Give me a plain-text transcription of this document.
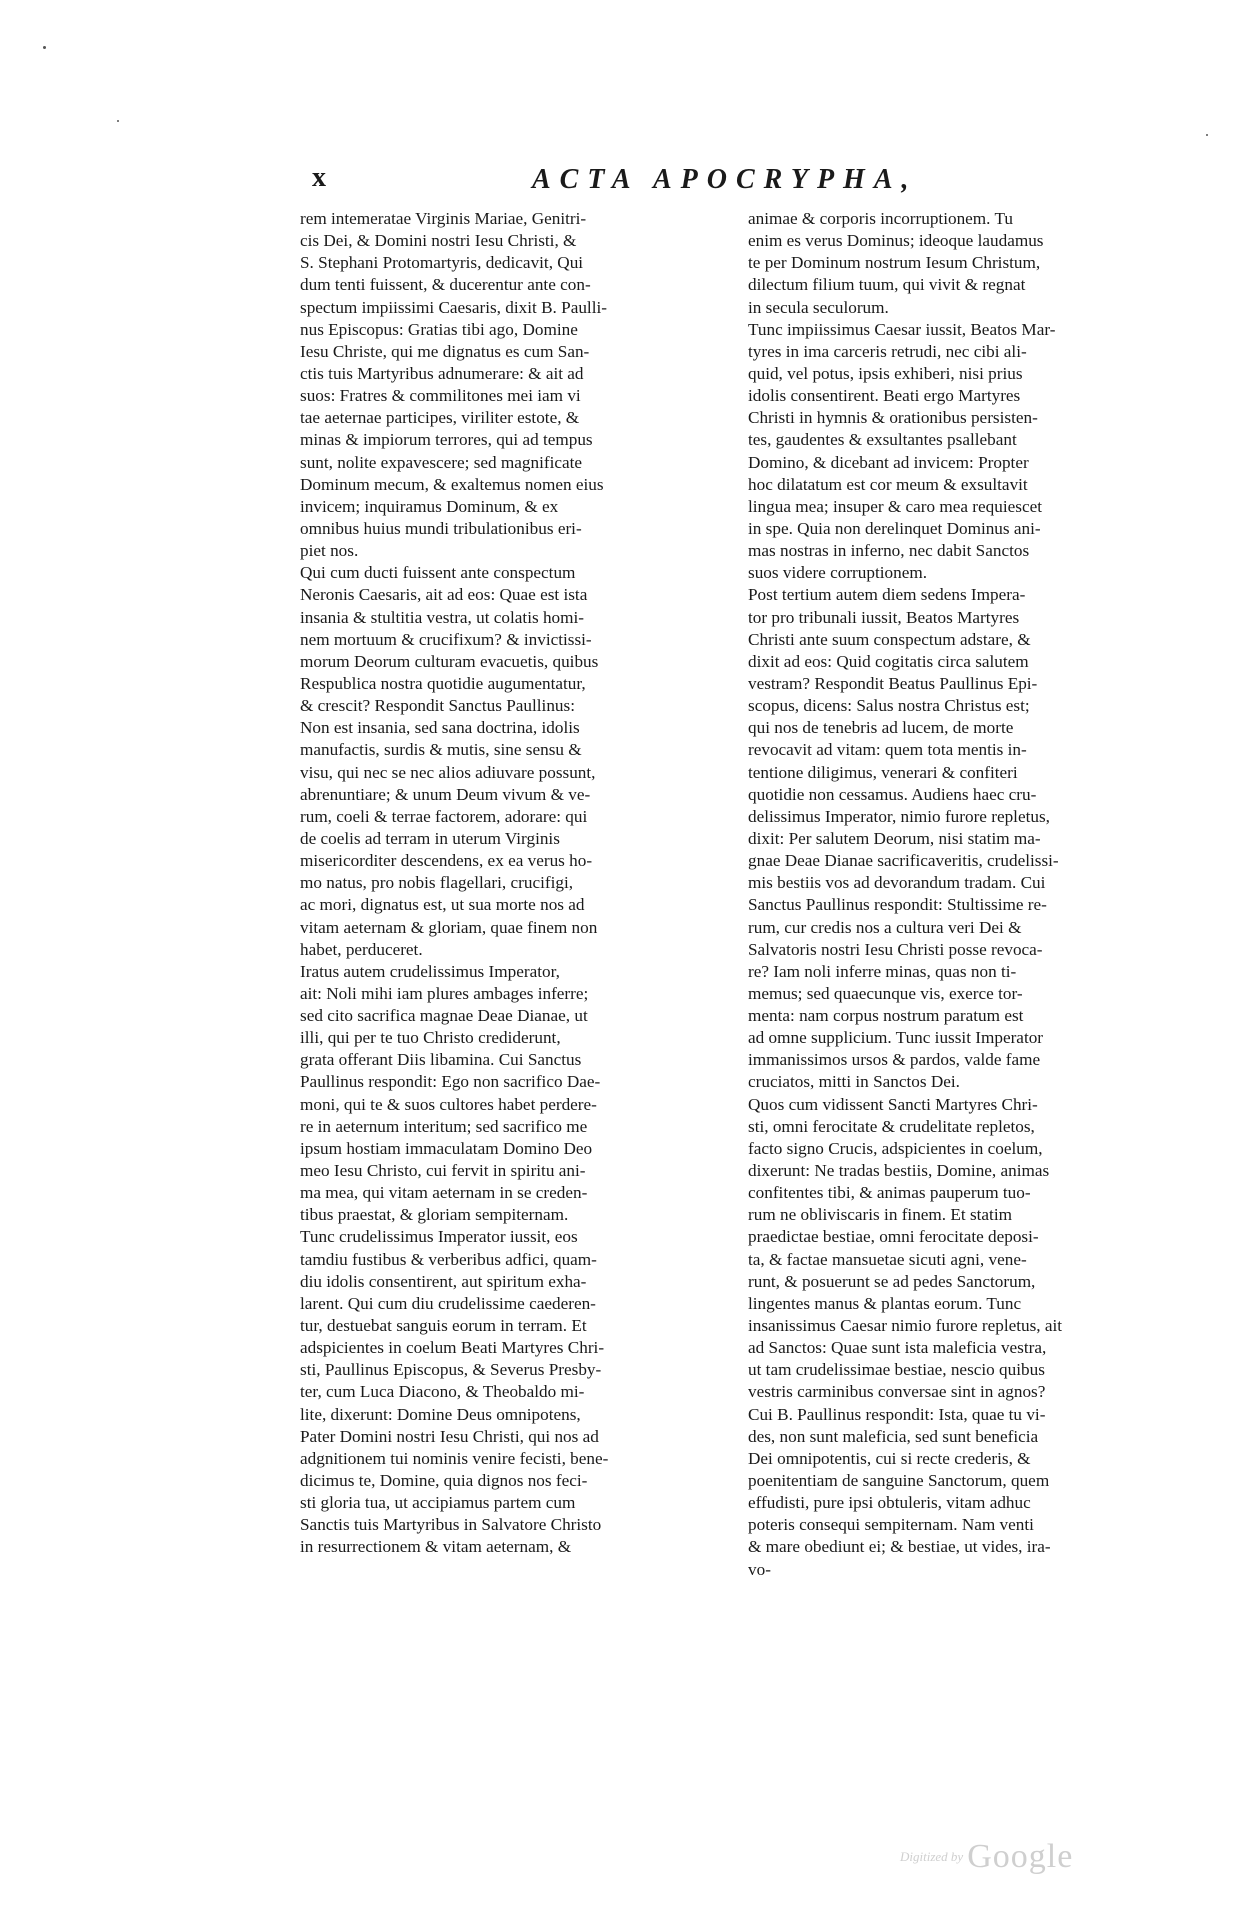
x	ACTA APOCRYPHA,
rem intemeratae Virginis Mariae, Genitri-
cis Dei, & Domini nostri Iesu Christi, &
S. Stephani Protomartyris, dedicavit, Qui
dum tenti fuissent, & ducerentur ante con-
spectum impiissimi Caesaris, dixit B. Paulli-
nus Episcopus: Gratias tibi ago, Domine
Iesu Christe, qui me dignatus es cum San-
ctis tuis Martyribus adnumerare: & ait ad
suos: Fratres & commilitones mei iam vi
tae aeternae participes, viriliter estote, &
minas & impiorum terrores, qui ad tempus
sunt, nolite expavescere; sed magnificate
Dominum mecum, & exaltemus nomen eius
invicem; inquiramus Dominum, & ex
omnibus huius mundi tribulationibus eri-
piet nos.
Qui cum ducti fuissent ante conspectum
Neronis Caesaris, ait ad eos: Quae est ista
insania & stultitia vestra, ut colatis homi-
nem mortuum & crucifixum? & invictissi-
morum Deorum culturam evacuetis, quibus
Respublica nostra quotidie augumentatur,
& crescit? Respondit Sanctus Paullinus:
Non est insania, sed sana doctrina, idolis
manufactis, surdis & mutis, sine sensu &
visu, qui nec se nec alios adiuvare possunt,
abrenuntiare; & unum Deum vivum & ve-
rum, coeli & terrae factorem, adorare: qui
de coelis ad terram in uterum Virginis
misericorditer descendens, ex ea verus ho-
mo natus, pro nobis flagellari, crucifigi,
ac mori, dignatus est, ut sua morte nos ad
vitam aeternam & gloriam, quae finem non
habet, perduceret.
Iratus autem crudelissimus Imperator,
ait: Noli mihi iam plures ambages inferre;
sed cito sacrifica magnae Deae Dianae, ut
illi, qui per te tuo Christo crediderunt,
grata offerant Diis libamina. Cui Sanctus
Paullinus respondit: Ego non sacrifico Dae-
moni, qui te & suos cultores habet perdere-
re in aeternum interitum; sed sacrifico me
ipsum hostiam immaculatam Domino Deo
meo Iesu Christo, cui fervit in spiritu ani-
ma mea, qui vitam aeternam in se creden-
tibus praestat, & gloriam sempiternam.
Tunc crudelissimus Imperator iussit, eos
tamdiu fustibus & verberibus adfici, quam-
diu idolis consentirent, aut spiritum exha-
larent. Qui cum diu crudelissime caederen-
tur, destuebat sanguis eorum in terram. Et
adspicientes in coelum Beati Martyres Chri-
sti, Paullinus Episcopus, & Severus Presby-
ter, cum Luca Diacono, & Theobaldo mi-
lite, dixerunt: Domine Deus omnipotens,
Pater Domini nostri Iesu Christi, qui nos ad
adgnitionem tui nominis venire fecisti, bene-
dicimus te, Domine, quia dignos nos feci-
sti gloria tua, ut accipiamus partem cum
Sanctis tuis Martyribus in Salvatore Christo
in resurrectionem & vitam aeternam, &
animae & corporis incorruptionem. Tu
enim es verus Dominus; ideoque laudamus
te per Dominum nostrum Iesum Christum,
dilectum filium tuum, qui vivit & regnat
in secula seculorum.
Tunc impiissimus Caesar iussit, Beatos Mar-
tyres in ima carceris retrudi, nec cibi ali-
quid, vel potus, ipsis exhiberi, nisi prius
idolis consentirent. Beati ergo Martyres
Christi in hymnis & orationibus persisten-
tes, gaudentes & exsultantes psallebant
Domino, & dicebant ad invicem: Propter
hoc dilatatum est cor meum & exsultavit
lingua mea; insuper & caro mea requiescet
in spe. Quia non derelinquet Dominus ani-
mas nostras in inferno, nec dabit Sanctos
suos videre corruptionem.
Post tertium autem diem sedens Impera-
tor pro tribunali iussit, Beatos Martyres
Christi ante suum conspectum adstare, &
dixit ad eos: Quid cogitatis circa salutem
vestram? Respondit Beatus Paullinus Epi-
scopus, dicens: Salus nostra Christus est;
qui nos de tenebris ad lucem, de morte
revocavit ad vitam: quem tota mentis in-
tentione diligimus, venerari & confiteri
quotidie non cessamus. Audiens haec cru-
delissimus Imperator, nimio furore repletus,
dixit: Per salutem Deorum, nisi statim ma-
gnae Deae Dianae sacrificaveritis, crudelissi-
mis bestiis vos ad devorandum tradam. Cui
Sanctus Paullinus respondit: Stultissime re-
rum, cur credis nos a cultura veri Dei &
Salvatoris nostri Iesu Christi posse revoca-
re? Iam noli inferre minas, quas non ti-
memus; sed quaecunque vis, exerce tor-
menta: nam corpus nostrum paratum est
ad omne supplicium. Tunc iussit Imperator
immanissimos ursos & pardos, valde fame
cruciatos, mitti in Sanctos Dei.
Quos cum vidissent Sancti Martyres Chri-
sti, omni ferocitate & crudelitate repletos,
facto signo Crucis, adspicientes in coelum,
dixerunt: Ne tradas bestiis, Domine, animas
confitentes tibi, & animas pauperum tuo-
rum ne obliviscaris in finem. Et statim
praedictae bestiae, omni ferocitate deposi-
ta, & factae mansuetae sicuti agni, vene-
runt, & posuerunt se ad pedes Sanctorum,
lingentes manus & plantas eorum. Tunc
insanissimus Caesar nimio furore repletus, ait
ad Sanctos: Quae sunt ista maleficia vestra,
ut tam crudelissimae bestiae, nescio quibus
vestris carminibus conversae sint in agnos?
Cui B. Paullinus respondit: Ista, quae tu vi-
des, non sunt maleficia, sed sunt beneficia
Dei omnipotentis, cui si recte crederis, &
poenitentiam de sanguine Sanctorum, quem
effudisti, pure ipsi obtuleris, vitam adhuc
poteris consequi sempiternam. Nam venti
& mare obediunt ei; & bestiae, ut vides, ira-
vo-
Digitized by Google
